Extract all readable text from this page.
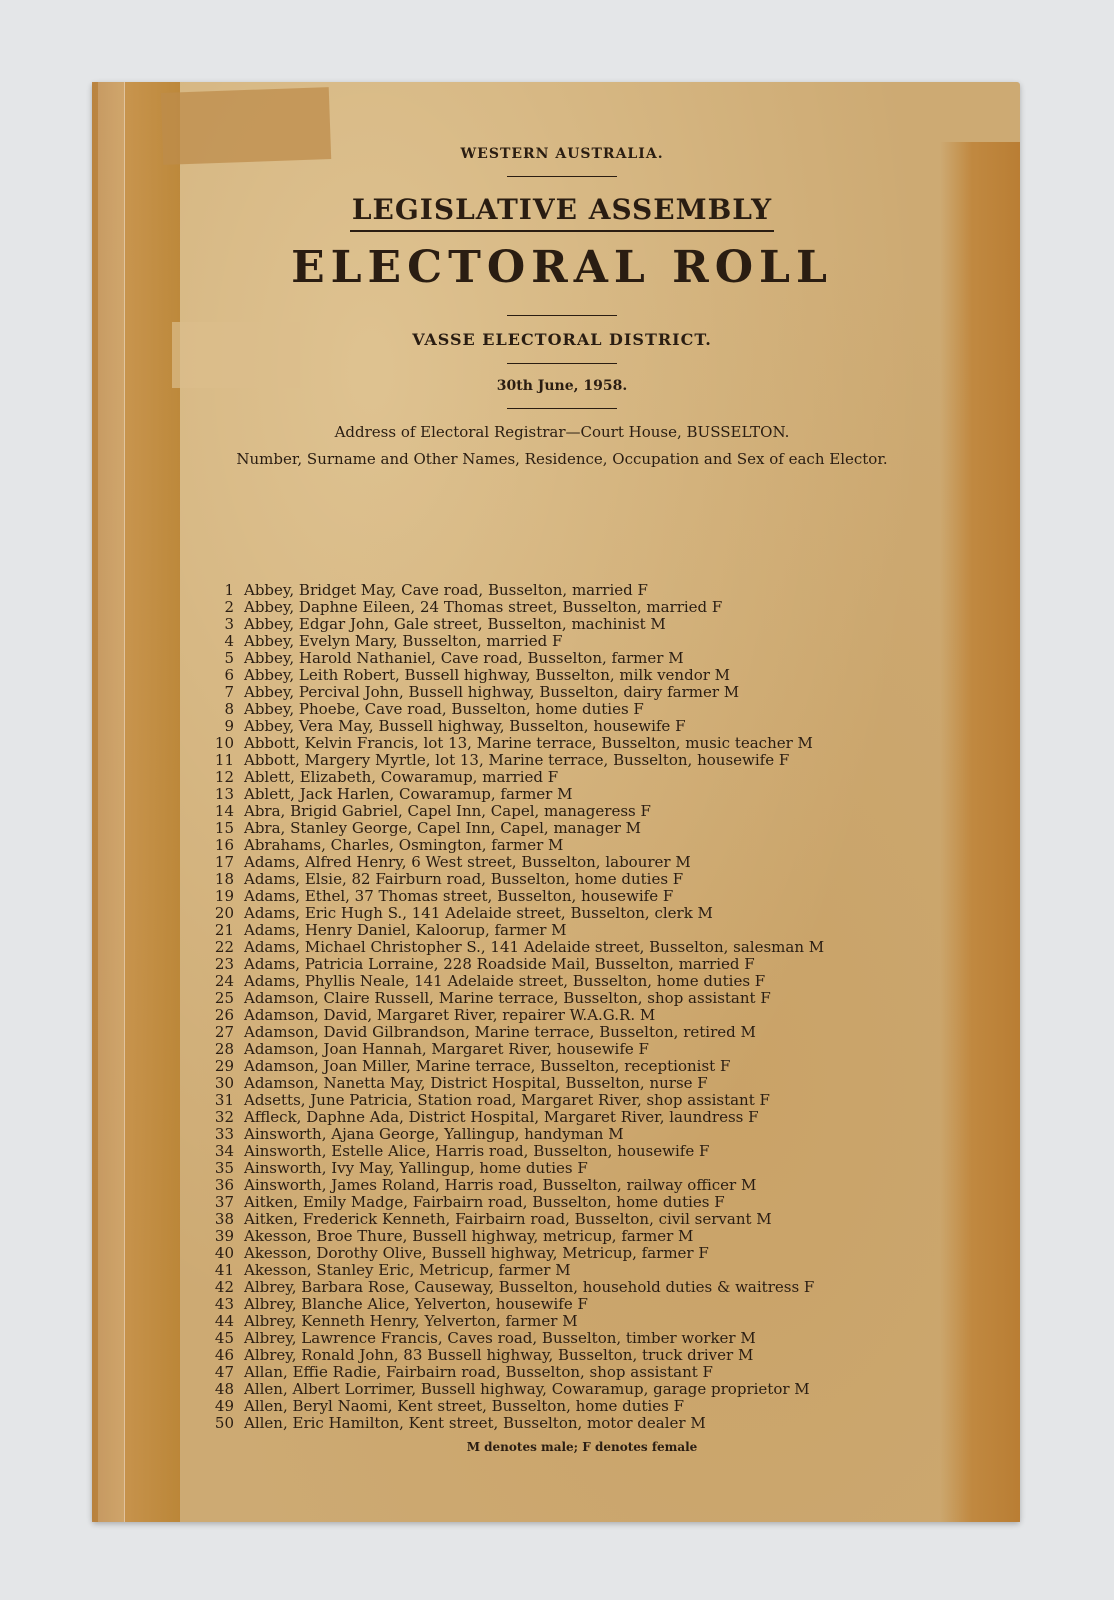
WESTERN AUSTRALIA.
LEGISLATIVE ASSEMBLY
ELECTORAL ROLL
VASSE ELECTORAL DISTRICT.
30th June, 1958.
Address of Electoral Registrar—Court House, BUSSELTON.
Number, Surname and Other Names, Residence, Occupation and Sex of each Elector.
1 Abbey, Bridget May, Cave road, Busselton, married F
2 Abbey, Daphne Eileen, 24 Thomas street, Busselton, married F
3 Abbey, Edgar John, Gale street, Busselton, machinist M
4 Abbey, Evelyn Mary, Busselton, married F
5 Abbey, Harold Nathaniel, Cave road, Busselton, farmer M
6 Abbey, Leith Robert, Bussell highway, Busselton, milk vendor M
7 Abbey, Percival John, Bussell highway, Busselton, dairy farmer M
8 Abbey, Phoebe, Cave road, Busselton, home duties F
9 Abbey, Vera May, Bussell highway, Busselton, housewife F
10 Abbott, Kelvin Francis, lot 13, Marine terrace, Busselton, music teacher M
11 Abbott, Margery Myrtle, lot 13, Marine terrace, Busselton, housewife F
12 Ablett, Elizabeth, Cowaramup, married F
13 Ablett, Jack Harlen, Cowaramup, farmer M
14 Abra, Brigid Gabriel, Capel Inn, Capel, manageress F
15 Abra, Stanley George, Capel Inn, Capel, manager M
16 Abrahams, Charles, Osmington, farmer M
17 Adams, Alfred Henry, 6 West street, Busselton, labourer M
18 Adams, Elsie, 82 Fairburn road, Busselton, home duties F
19 Adams, Ethel, 37 Thomas street, Busselton, housewife F
20 Adams, Eric Hugh S., 141 Adelaide street, Busselton, clerk M
21 Adams, Henry Daniel, Kaloorup, farmer M
22 Adams, Michael Christopher S., 141 Adelaide street, Busselton, salesman M
23 Adams, Patricia Lorraine, 228 Roadside Mail, Busselton, married F
24 Adams, Phyllis Neale, 141 Adelaide street, Busselton, home duties F
25 Adamson, Claire Russell, Marine terrace, Busselton, shop assistant F
26 Adamson, David, Margaret River, repairer W.A.G.R. M
27 Adamson, David Gilbrandson, Marine terrace, Busselton, retired M
28 Adamson, Joan Hannah, Margaret River, housewife F
29 Adamson, Joan Miller, Marine terrace, Busselton, receptionist F
30 Adamson, Nanetta May, District Hospital, Busselton, nurse F
31 Adsetts, June Patricia, Station road, Margaret River, shop assistant F
32 Affleck, Daphne Ada, District Hospital, Margaret River, laundress F
33 Ainsworth, Ajana George, Yallingup, handyman M
34 Ainsworth, Estelle Alice, Harris road, Busselton, housewife F
35 Ainsworth, Ivy May, Yallingup, home duties F
36 Ainsworth, James Roland, Harris road, Busselton, railway officer M
37 Aitken, Emily Madge, Fairbairn road, Busselton, home duties F
38 Aitken, Frederick Kenneth, Fairbairn road, Busselton, civil servant M
39 Akesson, Broe Thure, Bussell highway, metricup, farmer M
40 Akesson, Dorothy Olive, Bussell highway, Metricup, farmer F
41 Akesson, Stanley Eric, Metricup, farmer M
42 Albrey, Barbara Rose, Causeway, Busselton, household duties & waitress F
43 Albrey, Blanche Alice, Yelverton, housewife F
44 Albrey, Kenneth Henry, Yelverton, farmer M
45 Albrey, Lawrence Francis, Caves road, Busselton, timber worker M
46 Albrey, Ronald John, 83 Bussell highway, Busselton, truck driver M
47 Allan, Effie Radie, Fairbairn road, Busselton, shop assistant F
48 Allen, Albert Lorrimer, Bussell highway, Cowaramup, garage proprietor M
49 Allen, Beryl Naomi, Kent street, Busselton, home duties F
50 Allen, Eric Hamilton, Kent street, Busselton, motor dealer M
M denotes male; F denotes female
